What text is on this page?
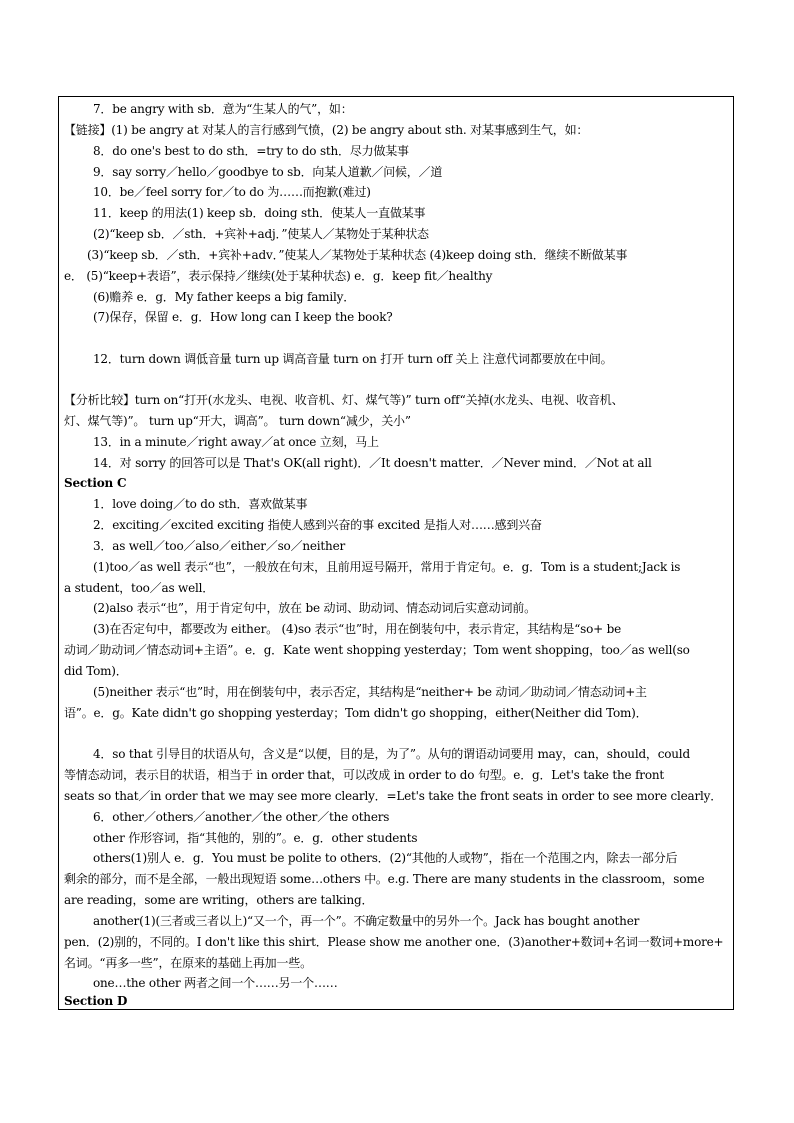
7．be angry with sb．意为“生某人的气”，如：
【链接】(1) be angry at 对某人的言行感到气愤，(2) be angry about sth. 对某事感到生气，如：
8．do one's best to do sth．=try to do sth．尽力做某事
9．say sorry／hello／goodbye to sb．向某人道歉／问候，／道
10．be／feel sorry for／to do 为……而抱歉(难过)
11．keep 的用法(1) keep sb．doing sth．使某人一直做某事
(2)“keep sb．／sth．+宾补+adj．”使某人／某物处于某种状态
(3)“keep sb．／sth．+宾补+adv．”使某人／某物处于某种状态 (4)keep doing sth．继续不断做某事
e． (5)“keep+表语”，表示保持／继续(处于某种状态) e．g．keep fit／healthy
(6)赡养 e．g．My father keeps a big family．
(7)保存，保留 e．g．How long can I keep the book?
12．turn down 调低音量 turn up 调高音量 turn on 打开 turn off 关上 注意代词都要放在中间。
【分析比较】turn on“打开(水龙头、电视、收音机、灯、煤气等)” turn off“关掉(水龙头、电视、收音机、
灯、煤气等)”。 turn up“开大，调高”。 turn down“减少，关小”
13．in a minute／right away／at once 立刻，马上
14．对 sorry 的回答可以是 That's OK(all right)．／It doesn't matter．／Never mind．／Not at all
Section C
1．love doing／to do sth．喜欢做某事
2．exciting／excited exciting 指使人感到兴奋的事 excited 是指人对……感到兴奋
3．as well／too／also／either／so／neither
(1)too／as well 表示“也”，一般放在句末，且前用逗号隔开，常用于肯定句。e．g．Tom is a student;Jack is
a student，too／as well．
(2)also 表示“也”，用于肯定句中，放在 be 动词、助动词、情态动词后实意动词前。
(3)在否定句中，都要改为 either。 (4)so 表示“也”时，用在倒装句中，表示肯定，其结构是“so+ be
动词／助动词／情态动词+主语”。e．g．Kate went shopping yesterday；Tom went shopping，too／as well(so
did Tom)．
(5)neither 表示“也”时，用在倒装句中，表示否定，其结构是“neither+ be 动词／助动词／情态动词+主
语”。e．g。Kate didn't go shopping yesterday；Tom didn't go shopping，either(Neither did Tom)．
4．so that 引导目的状语从句，含义是“以便，目的是，为了”。从句的谓语动词要用 may，can，should，could
等情态动词，表示目的状语，相当于 in order that，可以改成 in order to do 句型。e．g．Let's take the front
seats so that／in order that we may see more clearly．=Let's take the front seats in order to see more clearly．
6．other／others／another／the other／the others
other 作形容词，指“其他的，别的”。e．g．other students
others(1)别人 e．g．You must be polite to others．(2)“其他的人或物”，指在一个范围之内，除去一部分后
剩余的部分，而不是全部，一般出现短语 some…others 中。e.g. There are many students in the classroom，some
are reading，some are writing，others are talking．
another(1)(三者或三者以上)“又一个，再一个”。不确定数量中的另外一个。Jack has bought another
pen．(2)别的，不同的。I don't like this shirt．Please show me another one．(3)another+数词+名词一数词+more+
名词。“再多一些”，在原来的基础上再加一些。
one…the other 两者之间一个……另一个……
Section D
